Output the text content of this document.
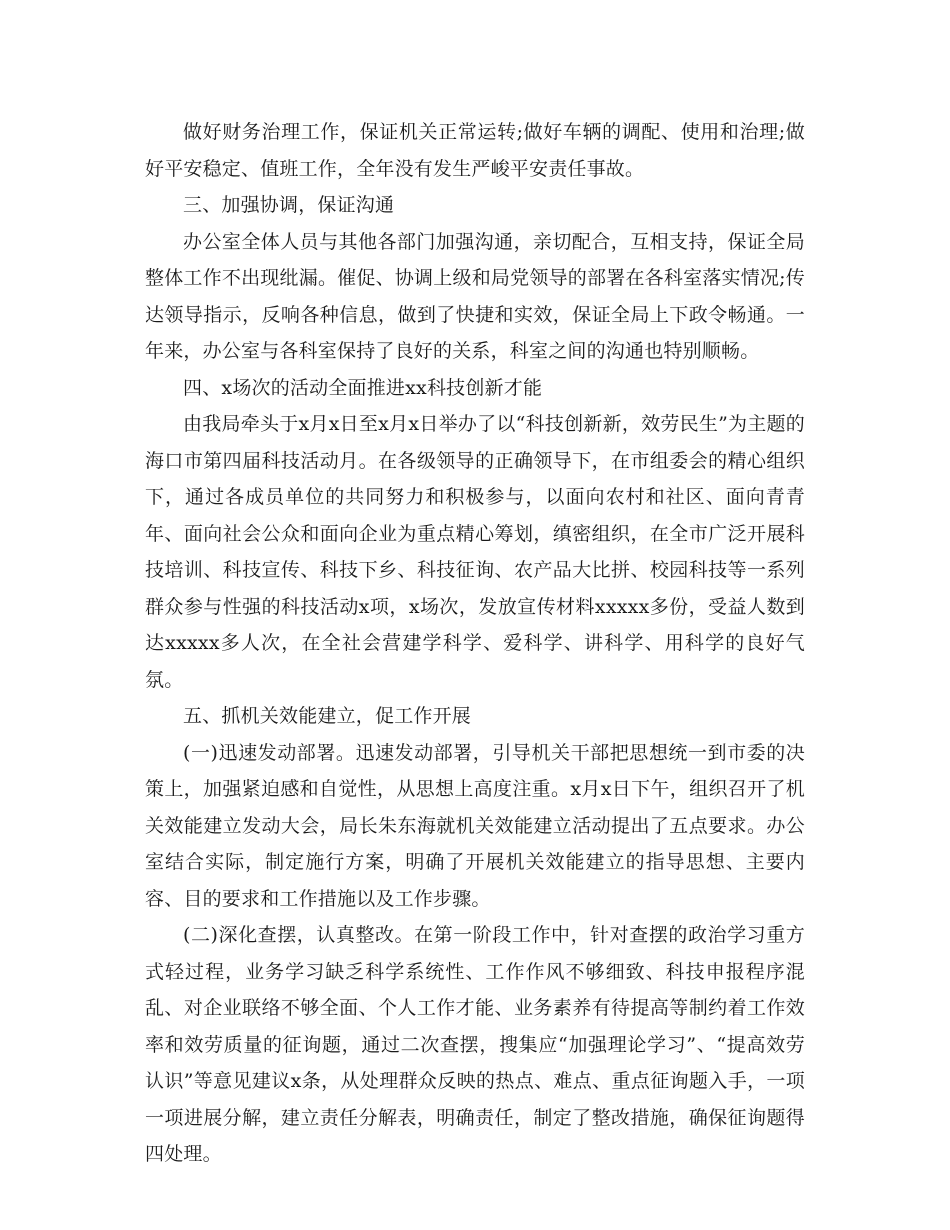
做好财务治理工作，保证机关正常运转;做好车辆的调配、使用和治理;做好平安稳定、值班工作，全年没有发生严峻平安责任事故。

三、加强协调，保证沟通

办公室全体人员与其他各部门加强沟通，亲切配合，互相支持，保证全局整体工作不出现纰漏。催促、协调上级和局党领导的部署在各科室落实情况;传达领导指示，反响各种信息，做到了快捷和实效，保证全局上下政令畅通。一年来，办公室与各科室保持了良好的关系，科室之间的沟通也特别顺畅。

四、x场次的活动全面推进xx科技创新才能

由我局牵头于x月x日至x月x日举办了以“科技创新新，效劳民生”为主题的海口市第四届科技活动月。在各级领导的正确领导下，在市组委会的精心组织下，通过各成员单位的共同努力和积极参与，以面向农村和社区、面向青青年、面向社会公众和面向企业为重点精心筹划，缜密组织，在全市广泛开展科技培训、科技宣传、科技下乡、科技征询、农产品大比拼、校园科技等一系列群众参与性强的科技活动x项，x场次，发放宣传材料xxxxx多份，受益人数到达xxxxx多人次，在全社会营建学科学、爱科学、讲科学、用科学的良好气氛。

五、抓机关效能建立，促工作开展

(一)迅速发动部署。迅速发动部署，引导机关干部把思想统一到市委的决策上，加强紧迫感和自觉性，从思想上高度注重。x月x日下午，组织召开了机关效能建立发动大会，局长朱东海就机关效能建立活动提出了五点要求。办公室结合实际，制定施行方案，明确了开展机关效能建立的指导思想、主要内容、目的要求和工作措施以及工作步骤。

(二)深化查摆，认真整改。在第一阶段工作中，针对查摆的政治学习重方式轻过程，业务学习缺乏科学系统性、工作作风不够细致、科技申报程序混乱、对企业联络不够全面、个人工作才能、业务素养有待提高等制约着工作效率和效劳质量的征询题，通过二次查摆，搜集应“加强理论学习”、“提高效劳认识”等意见建议x条，从处理群众反映的热点、难点、重点征询题入手，一项一项进展分解，建立责任分解表，明确责任，制定了整改措施，确保征询题得四处理。
